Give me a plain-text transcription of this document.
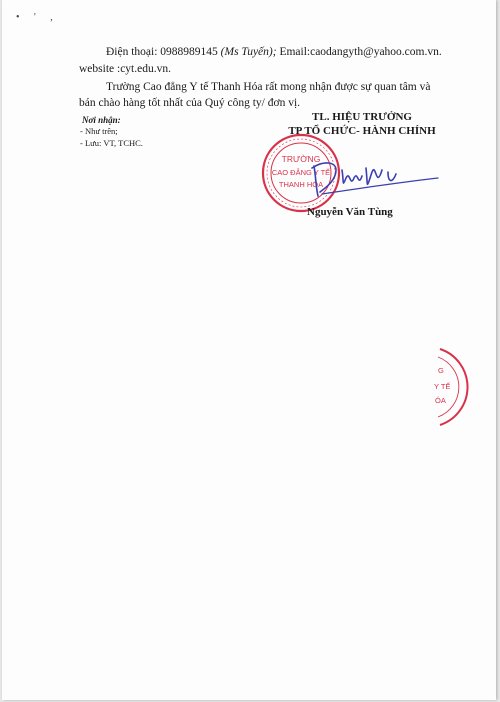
• ' ,
Điện thoại: 0988989145 (Ms Tuyến); Email:caodangyth@yahoo.com.vn.
website :cyt.edu.vn.
Trường Cao đẳng Y tế Thanh Hóa rất mong nhận được sự quan tâm và
bán chào hàng tốt nhất của Quý công ty/ đơn vị.
Nơi nhận:
- Như trên;
- Lưu: VT, TCHC.
TL. HIỆU TRƯỞNG
TP TỔ CHỨC- HÀNH CHÍNH
TRƯỜNG
CAO ĐẲNG Y TẾ
THANH HÓA
Nguyễn Văn Tùng
G
Y TẾ
ÓA
